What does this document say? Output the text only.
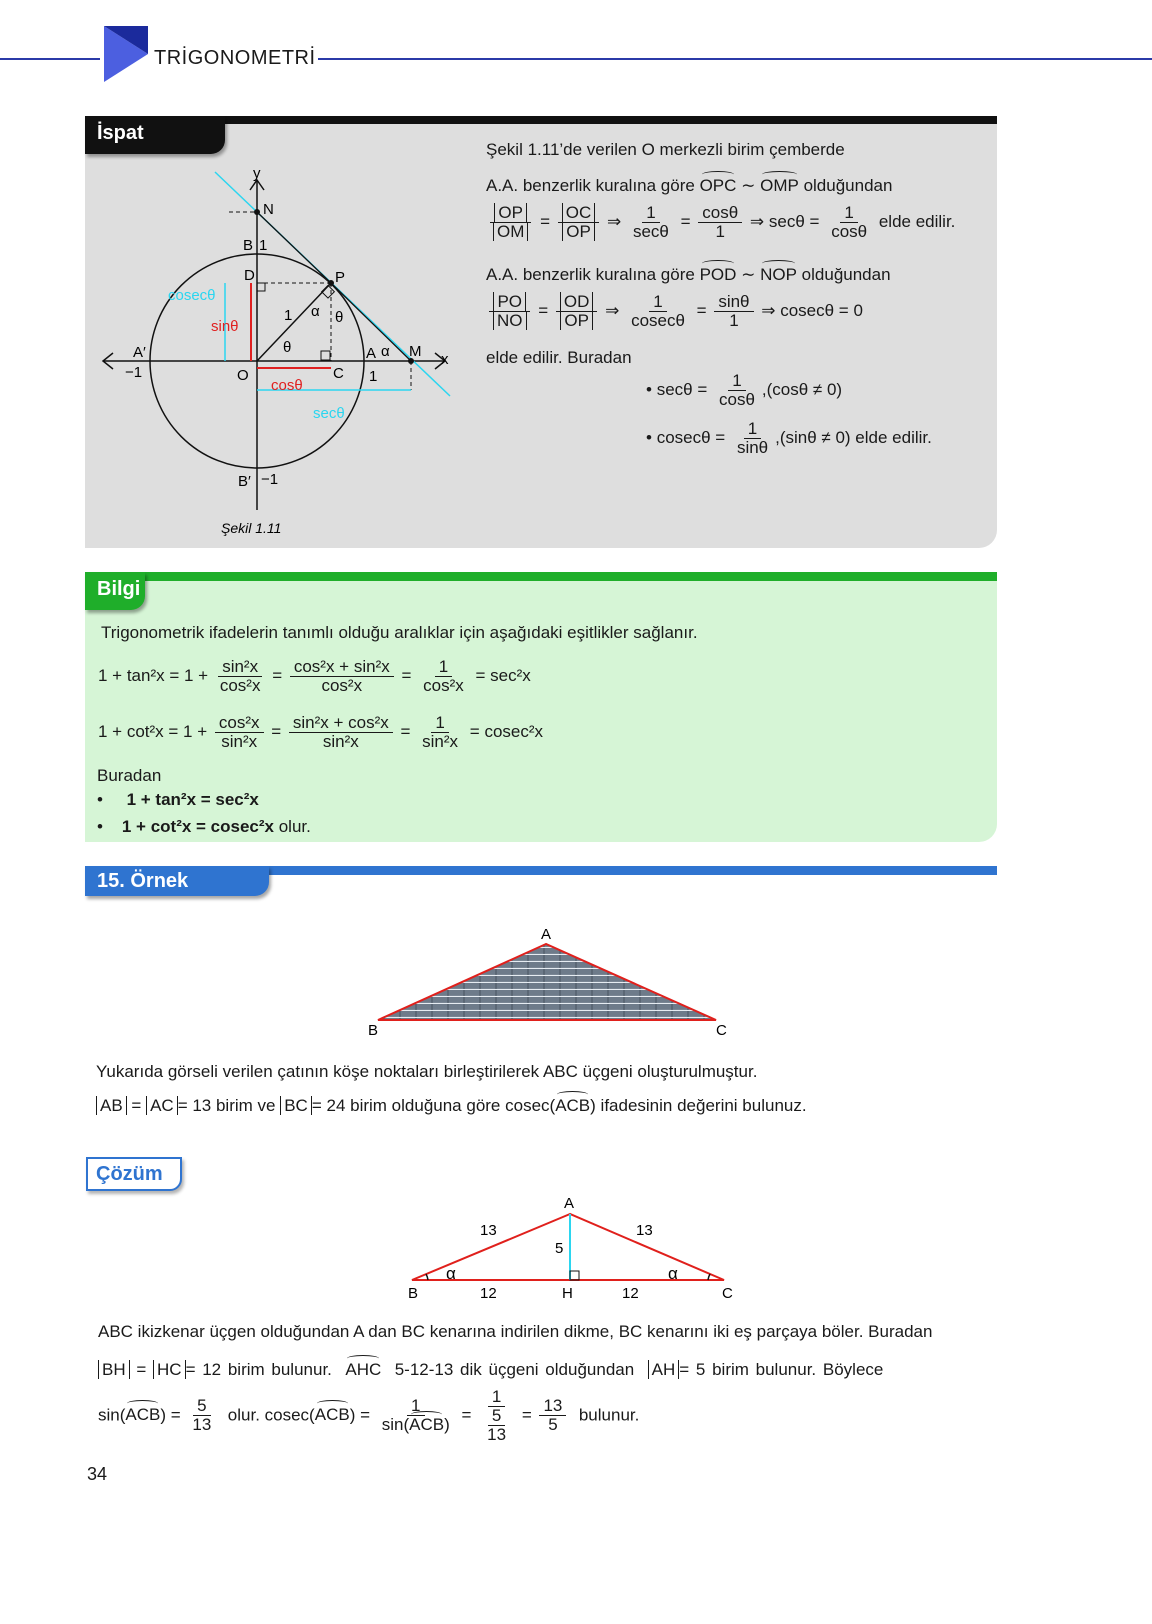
TRİGONOMETRİ
İspat
y
x
N
B 1
D	P
1 α θ
θ
A′
−1	O	C
A α M
1
B′ −1
cosecθ
sinθ
cosθ
secθ
Şekil 1.11
Şekil 1.11’de verilen O merkezli birim çemberde
A.A. benzerlik kuralına göre OPC ∼ OMP olduğundan
$\frac{OP}{OM} = \frac{OC}{OP}$ ⇒ $\frac{1}{\sec\theta} = \frac{\cos\theta}{1}$ ⇒ $\sec\theta = \frac{1}{\cos\theta}$ elde edilir.
A.A. benzerlik kuralına göre POD ∼ NOP olduğundan
$\frac{PO}{NO} = \frac{OD}{OP}$ ⇒ $\frac{1}{cosec\theta} = \frac{\sin\theta}{1}$ ⇒ cosecθ = 0
elde edilir. Buradan
• $\sec\theta = \frac{1}{\cos\theta} ,(\cos\theta \ne 0)$
• $cosec\theta = \frac{1}{\sin\theta} ,(\sin\theta \ne 0)$ elde edilir.
Bilgi
Trigonometrik ifadelerin tanımlı olduğu aralıklar için aşağıdaki eşitlikler sağlanır.
$1 + \tan^2x = 1 + \frac{\text{sin²x}}{\text{cos²x}} = \frac{\text{cos²x + sin²x}}{\text{cos²x}} = \frac{1}{\text{cos²x}} = \sec^2x$
$1 + \cot^2x = 1 + \frac{\text{cos²x}}{\text{sin²x}} = \frac{\text{sin²x + cos²x}}{\text{sin²x}} = \frac{1}{\text{sin²x}} = cosec^2x$
Buradan
•     1 + tan²x = sec²x
•    1 + cot²x = cosec²x olur.
15. Örnek
A
B	C
Yukarıda görseli verilen çatının köşe noktaları birleştirilerek ABC üçgeni oluşturulmuştur.
AB = AC = 13 birim ve BC = 24 birim olduğuna göre cosec(ACB) ifadesinin değerini bulunuz.
Çözüm
A
B	C
H
13	13
5
12	12
α	α
ABC ikizkenar üçgen olduğundan A dan BC kenarına indirilen dikme, BC kenarını iki eş parçaya böler. Buradan
BH = HC = 12 birim bulunur. AHC 5-12-13 dik üçgeni olduğundan AH = 5 birim bulunur. Böylece
$\sin(ACB) = \frac{5}{13}$ olur. $cosec(ACB) = \frac{1}{\text{sin(ACB)}} = \frac{1}{\frac{5}{13}} = \frac{13}{5}$ bulunur.
34
